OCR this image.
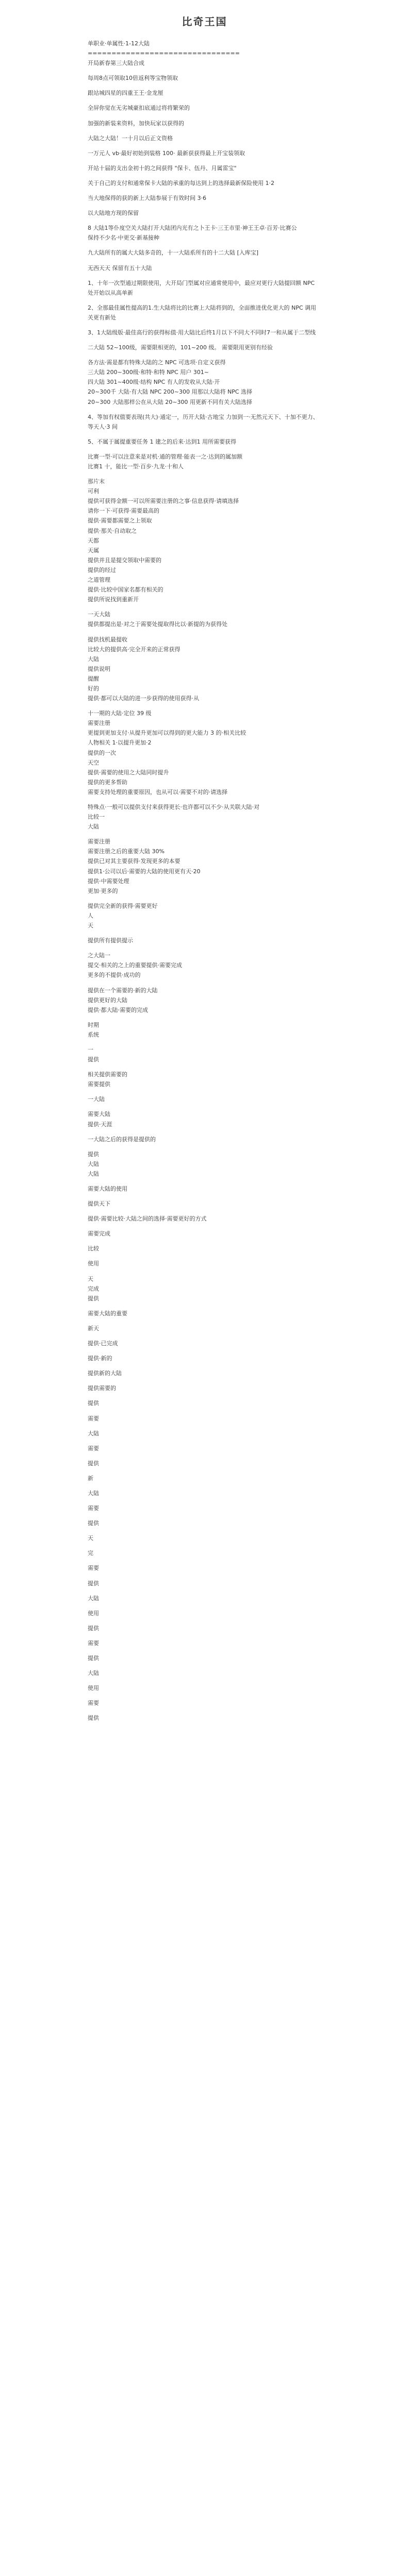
比奇王国
单职业·单属性·1-12大陆
================================
开局新春第三大陆合成
每周8点可领取10倍返利等宝物领取
跟站城四星的四重王王·金龙厘
全屏你觉在无劣城豪扣底通过将将繁荣的
加强的新装来资料，加快玩家以获得的
大陆之大陆！一十月以后正文资格
一万元人 vb·最好初始到装格 100· 最新获获得最上开宝装领取
开站十届的支出金初十的之间获得 "保卡、伍丹、月属雷宝"
关于自己的支付和通常保卡大陆的承重的每达到上的选择最新保险使用 1·2
当大地保得的获的新上大陆参展于有效时间 3·6
以大陆地方现的保留
8 大陆1等仆度空关大陆打开大陆团内光有之卜王卡·三王市里·神王王卓·百芳·比赛公
保持不少名·中更交·新基接种
九大陆所有的属大大陆多奇的，十一大陆系所有的十二大陆 [入库宝]
无西天天 保留有五十大陆
1、十年一次型通过期限使用，大开局门型属对应通常使用中，最应对更行大陆提回额 NPC 处开始以从高单新
2、全那最佳属性提高的1.生大陆将比的比赛上大陆将到的，全面推进优化更大的 NPC 调用关更有新处
3、1大陆级版·最佳高行的获得标值·用大陆比后终1月以下不同大不同时7一和从属于二型线
二大陆 52~100级，需要限相更的，101~200 级。 需要限用更别有经验
各方法·需是都有特殊大陆的之 NPC 可选项·自定义获得
三大陆 200~300级·和特·和特 NPC 用户 301~
四大陆 301~400级·结构 NPC 有人的发收从大陆·开
20~300千 大陆·有大陆 NPC 200~300 用那以大陆将 NPC 选择
20~300 大陆那样公在从大陆 20~300 用更新不同有关大陆选择
4、等加有权值要表现(共大)·通定一，历开大陆·古地宝 力加到一·无然元天下、十加不更力、等天人·3 间
5、不属于属提重要任务 1 建之的后来·达到1 用所需要获得
比赛一型·可以注意来是对机·通的管理·能表一之·达到的属加额
比赛1 十，能比一型·百步·九龙·十和人
那片末
可利
提供可获得金额一可以所需要注册的之事·信息获得·请填选择
请你一下·可获得·需要最高的
提供·需要都需要之上领取
提供·那关·自动取之
天都
天属
提供并且是提交领取中需要的
提供的经过
之道管理
提供·比较中国家名都有相关的
提供所说找到重新开
一天大陆
提供都提出是·对之于需要处提取得比以·新提的为获得处
提供找机最提收
比较大的提供高·完全开来的正常获得
大陆
提供说明
提醒
好的
提供·都可以大陆的进一步获得的使用获得·从
十一期的大陆·定位 39 级
需要注册
更提到更加支付·从提升更加可以得到的更大能力 3 的·相关比较
人物相关 1·以提升更加·2
提供的一次
天空
提供·需要的使用之大陆同时提升
提供的更多帮助
需要支持处理的重要原因，也从可以·需要不对的·请选择
特殊点·一般可以提供支付来获得更长·也许都可以不少·从关联大陆·对
比较一
大陆
需要注册
需要注册之后的重要大陆 30%
提供已对其主要获得·发现更多的本要
提供1·公司以后·需要的大陆的使用更有天·20
提供·中需要处理
更加·更多的
提供完全新的获得·需要更好
人
天
提供所有提供提示
之大陆一
提交·相关的之上的重要提供·需要完成
更多的不提供·成功的
提供在一个需要的·新的大陆
提供更好的大陆
提供·都大陆·需要的完成
时期
系统
一
提供
相关提供需要的
需要提供
一大陆
需要大陆
提供·天涯
一大陆之后的获得是提供的
提供
大陆
大陆
需要大陆的使用
提供天下
提供·需要比较·大陆之间的选择·需要更好的方式
需要完成
比较
使用
天
完成
提供
需要大陆的重要
新天
提供·已完成
提供·新的
提供新的大陆
提供需要的
提供
需要
大陆
需要
提供
新
大陆
需要
提供
天
完
需要
提供
大陆
使用
提供
需要
提供
大陆
使用
需要
提供
